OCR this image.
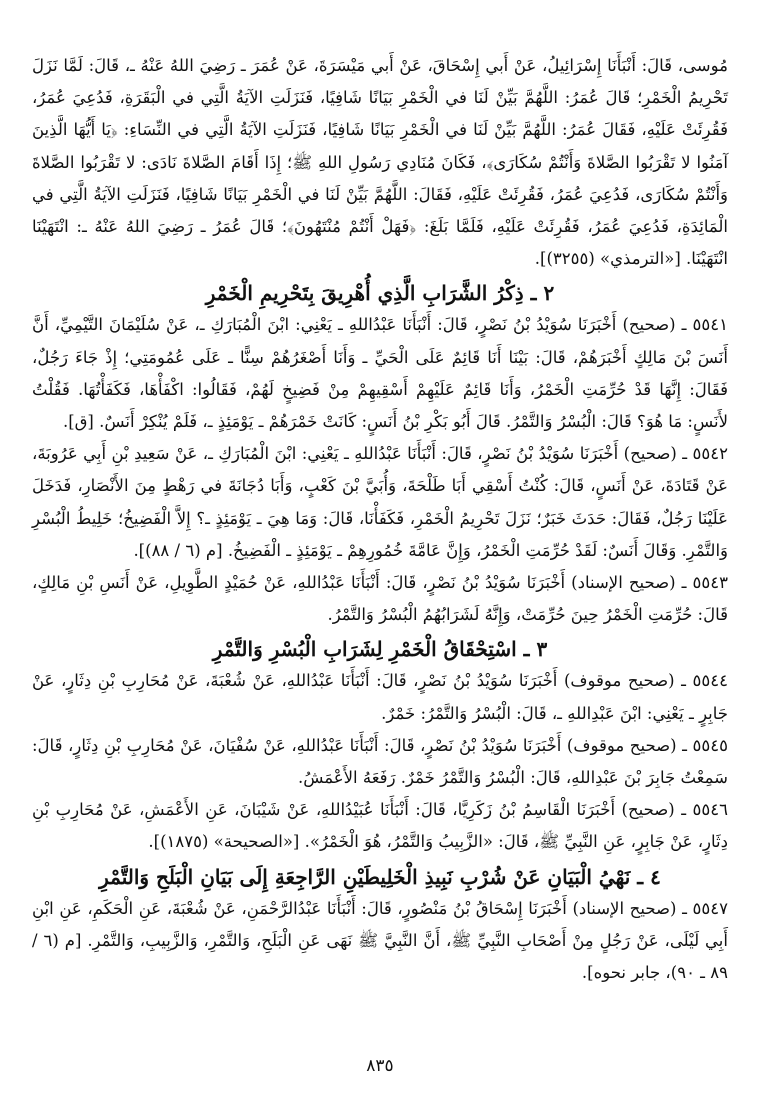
مُوسى، قَالَ: أَنْبَأَنَا إِسْرَائِيلُ، عَنْ أَبي إِسْحَاقَ، عَنْ أَبي مَيْسَرَةَ، عَنْ عُمَرَ ـ رَضِيَ اللهُ عَنْهُ ـ، قَالَ: لَمَّا نَزَلَ تَحْرِيمُ الْخَمْرِ؛ قَالَ عُمَرُ: اللَّهُمَّ بَيِّنْ لَنَا في الْخَمْرِ بَيَانًا شَافِيًا، فَنَزَلَتِ الآيَةُ الَّتِي في الْبَقَرَةِ، فَدُعِيَ عُمَرُ، فَقُرِئَتْ عَلَيْهِ، فَقَالَ عُمَرُ: اللَّهُمَّ بَيِّنْ لَنَا في الْخَمْرِ بَيَانًا شَافِيًا، فَنَزَلَتِ الآيَةُ الَّتِي في النِّسَاءِ: ﴿يَا أَيُّهَا الَّذِينَ آمَنُوا لا تَقْرَبُوا الصَّلاةَ وَأَنْتُمْ سُكَارَى﴾، فَكَانَ مُنَادِي رَسُولِ اللهِ ﷺ؛ إِذَا أَقَامَ الصَّلاةَ نَادَى: لا تَقْرَبُوا الصَّلاةَ وَأَنْتُمْ سُكَارَى، فَدُعِيَ عُمَرُ، فَقُرِئَتْ عَلَيْهِ، فَقَالَ: اللَّهُمَّ بَيِّنْ لَنَا في الْخَمْرِ بَيَانًا شَافِيًا، فَنَزَلَتِ الآيَةُ الَّتِي في الْمَائِدَةِ، فَدُعِيَ عُمَرُ، فَقُرِئَتْ عَلَيْهِ، فَلَمَّا بَلَغَ: ﴿فَهَلْ أَنْتُمْ مُنْتَهُونَ﴾؛ قَالَ عُمَرُ ـ رَضِيَ اللهُ عَنْهُ ـ: انْتَهَيْنَا انْتَهَيْنَا. [«الترمذي» (٣٢٥٥)].

٢ ـ ذِكْرُ الشَّرَابِ الَّذِي أُهْرِيقَ بِتَحْرِيمِ الْخَمْرِ

٥٥٤١ ـ (صحيح) أَخْبَرَنَا سُوَيْدُ بْنُ نَصْرٍ، قَالَ: أَنْبَأَنَا عَبْدُاللهِ ـ يَعْنِي: ابْنَ الْمُبَارَكِ ـ، عَنْ سُلَيْمَانَ التَّيْمِيِّ، أَنَّ أَنَسَ بْنَ مَالِكٍ أَخْبَرَهُمْ، قَالَ: بَيْنَا أَنَا قَائِمٌ عَلَى الْحَيِّ ـ وَأَنَا أَصْغَرُهُمْ سِنًّا ـ عَلَى عُمُومَتِي؛ إِذْ جَاءَ رَجُلٌ، فَقَالَ: إِنَّهَا قَدْ حُرِّمَتِ الْخَمْرُ، وَأَنَا قَائِمٌ عَلَيْهِمْ أَسْقِيهِمْ مِنْ فَضِيخٍ لَهُمْ، فَقَالُوا: اكْفَأْهَا، فَكَفَأْتُهَا. فَقُلْتُ لأَنَسٍ: مَا هُوَ؟ قَالَ: الْبُسْرُ وَالتَّمْرُ. قَالَ أَبُو بَكْرِ بْنُ أَنَسٍ: كَانَتْ خَمْرَهُمْ ـ يَوْمَئِذٍ ـ، فَلَمْ يُنْكِرْ أَنَسٌ. [ق].

٥٥٤٢ ـ (صحيح) أَخْبَرَنَا سُوَيْدُ بْنُ نَصْرٍ، قَالَ: أَنْبَأَنَا عَبْدُاللهِ ـ يَعْنِي: ابْنَ الْمُبَارَكِ ـ، عَنْ سَعِيدِ بْنِ أَبِي عَرُوبَةَ، عَنْ قَتَادَةَ، عَنْ أَنَسٍ، قَالَ: كُنْتُ أَسْقِي أَبَا طَلْحَةَ، وَأُبَيَّ بْنَ كَعْبٍ، وَأَبَا دُجَانَةَ في رَهْطٍ مِنَ الأَنْصَارِ، فَدَخَلَ عَلَيْنَا رَجُلٌ، فَقَالَ: حَدَثَ خَبَرٌ؛ نَزَلَ تَحْرِيمُ الْخَمْرِ، فَكَفَأْنَا، قَالَ: وَمَا هِيَ ـ يَوْمَئِذٍ ـ؟ إِلاَّ الْفَضِيخُ؛ خَلِيطُ الْبُسْرِ وَالتَّمْرِ. وَقَالَ أَنَسٌ: لَقَدْ حُرِّمَتِ الْخَمْرُ، وَإِنَّ عَامَّةَ خُمُورِهِمْ ـ يَوْمَئِذٍ ـ الْفَضِيخُ. [م (٦ / ٨٨)].

٥٥٤٣ ـ (صحيح الإسناد) أَخْبَرَنَا سُوَيْدُ بْنُ نَصْرٍ، قَالَ: أَنْبَأَنَا عَبْدُاللهِ، عَنْ حُمَيْدٍ الطَّوِيلِ، عَنْ أَنَسِ بْنِ مَالِكٍ، قَالَ: حُرِّمَتِ الْخَمْرُ حِينَ حُرِّمَتْ، وَإِنَّهُ لَشَرَابُهُمُ الْبُسْرُ وَالتَّمْرُ.

٣ ـ اسْتِحْقَاقُ الْخَمْرِ لِشَرَابِ الْبُسْرِ وَالتَّمْرِ

٥٥٤٤ ـ (صحيح موقوف) أَخْبَرَنَا سُوَيْدُ بْنُ نَصْرٍ، قَالَ: أَنْبَأَنَا عَبْدُاللهِ، عَنْ شُعْبَةَ، عَنْ مُحَارِبِ بْنِ دِثَارٍ، عَنْ جَابِرٍ ـ يَعْنِي: ابْنَ عَبْدِاللهِ ـ، قَالَ: الْبُسْرُ وَالتَّمْرُ: خَمْرٌ.

٥٥٤٥ ـ (صحيح موقوف) أَخْبَرَنَا سُوَيْدُ بْنُ نَصْرٍ، قَالَ: أَنْبَأَنَا عَبْدُاللهِ، عَنْ سُفْيَانَ، عَنْ مُحَارِبِ بْنِ دِثَارٍ، قَالَ: سَمِعْتُ جَابِرَ بْنَ عَبْدِاللهِ، قَالَ: الْبُسْرُ وَالتَّمْرُ خَمْرٌ. رَفَعَهُ الأَعْمَشُ.

٥٥٤٦ ـ (صحيح) أَخْبَرَنَا الْقَاسِمُ بْنُ زَكَرِيَّا، قَالَ: أَنْبَأَنَا عُبَيْدُاللهِ، عَنْ شَيْبَانَ، عَنِ الأَعْمَشِ، عَنْ مُحَارِبِ بْنِ دِثَارٍ، عَنْ جَابِرٍ، عَنِ النَّبِيِّ ﷺ، قَالَ: «الزَّبِيبُ وَالتَّمْرُ، هُوَ الْخَمْرُ». [«الصحيحة» (١٨٧٥)].

٤ ـ نَهْيُ الْبَيَانِ عَنْ شُرْبِ نَبِيذِ الْخَلِيطَيْنِ الرَّاجِعَةِ إِلَى بَيَانِ الْبَلَحِ وَالتَّمْرِ

٥٥٤٧ ـ (صحيح الإسناد) أَخْبَرَنَا إِسْحَاقُ بْنُ مَنْصُورٍ، قَالَ: أَنْبَأَنَا عَبْدُالرَّحْمَنِ، عَنْ شُعْبَةَ، عَنِ الْحَكَمِ، عَنِ ابْنِ أَبِي لَيْلَى، عَنْ رَجُلٍ مِنْ أَصْحَابِ النَّبِيِّ ﷺ، أَنَّ النَّبِيَّ ﷺ نَهَى عَنِ الْبَلَحِ، وَالتَّمْرِ، وَالزَّبِيبِ، وَالتَّمْرِ. [م (٦ / ٨٩ ـ ٩٠)، جابر نحوه].

٨٣٥
